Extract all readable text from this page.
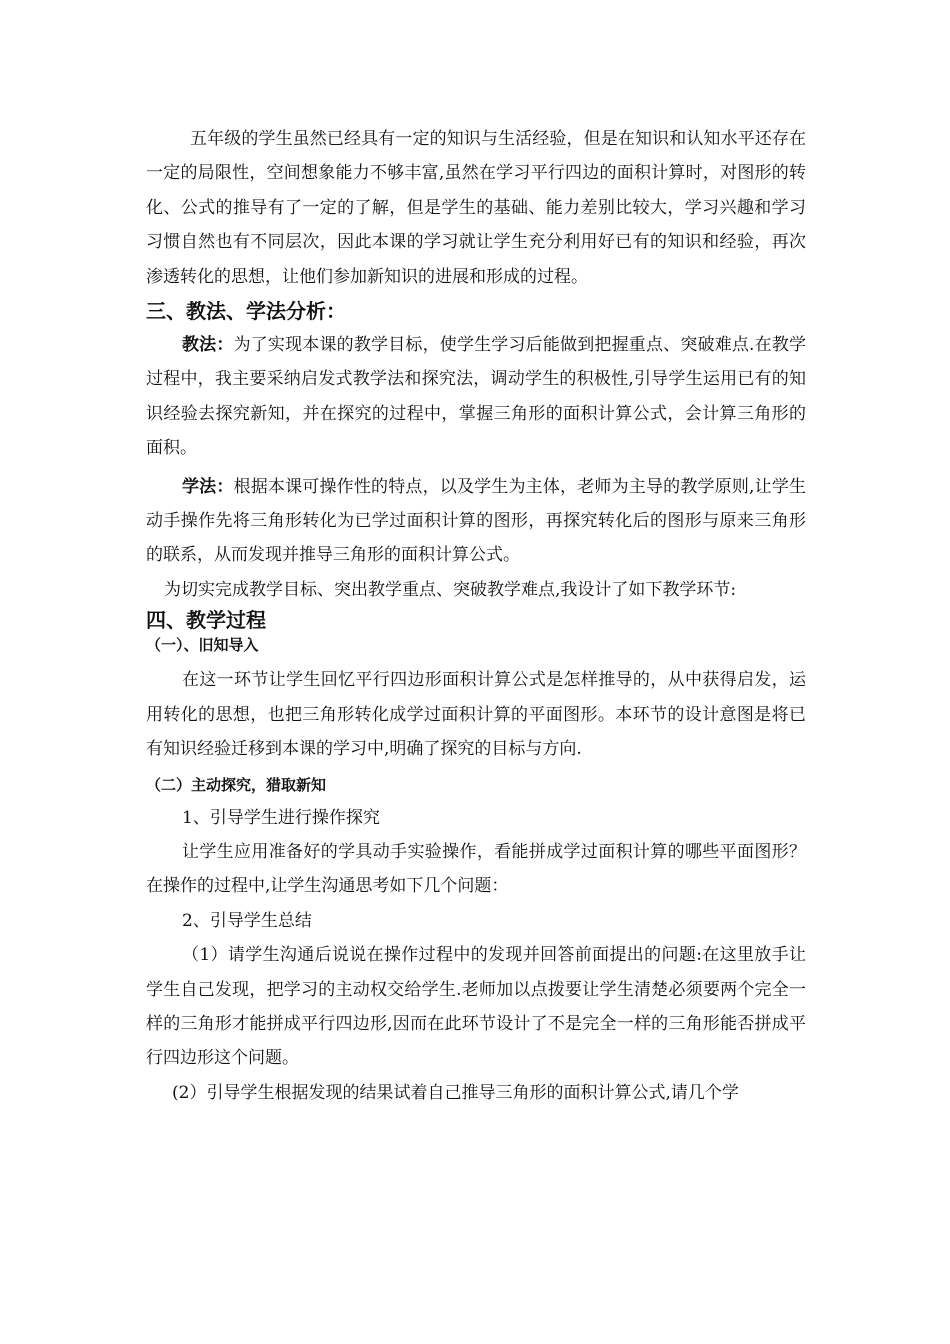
五年级的学生虽然已经具有一定的知识与生活经验，但是在知识和认知水平还存在一定的局限性，空间想象能力不够丰富,虽然在学习平行四边的面积计算时，对图形的转化、公式的推导有了一定的了解，但是学生的基础、能力差别比较大，学习兴趣和学习习惯自然也有不同层次，因此本课的学习就让学生充分利用好已有的知识和经验，再次渗透转化的思想，让他们参加新知识的进展和形成的过程。

三、教法、学法分析：

教法：为了实现本课的教学目标，使学生学习后能做到把握重点、突破难点.在教学过程中，我主要采纳启发式教学法和探究法，调动学生的积极性,引导学生运用已有的知识经验去探究新知，并在探究的过程中，掌握三角形的面积计算公式，会计算三角形的面积。

学法：根据本课可操作性的特点，以及学生为主体，老师为主导的教学原则,让学生动手操作先将三角形转化为已学过面积计算的图形，再探究转化后的图形与原来三角形的联系，从而发现并推导三角形的面积计算公式。

为切实完成教学目标、突出教学重点、突破教学难点,我设计了如下教学环节:

四、教学过程
（一）、旧知导入

在这一环节让学生回忆平行四边形面积计算公式是怎样推导的，从中获得启发，运用转化的思想，也把三角形转化成学过面积计算的平面图形。本环节的设计意图是将已有知识经验迁移到本课的学习中,明确了探究的目标与方向.

（二）主动探究，猎取新知

1、引导学生进行操作探究

让学生应用准备好的学具动手实验操作，看能拼成学过面积计算的哪些平面图形？在操作的过程中,让学生沟通思考如下几个问题：

2、引导学生总结

（1）请学生沟通后说说在操作过程中的发现并回答前面提出的问题:在这里放手让学生自己发现，把学习的主动权交给学生.老师加以点拨要让学生清楚必须要两个完全一样的三角形才能拼成平行四边形,因而在此环节设计了不是完全一样的三角形能否拼成平行四边形这个问题。

(2）引导学生根据发现的结果试着自己推导三角形的面积计算公式,请几个学
